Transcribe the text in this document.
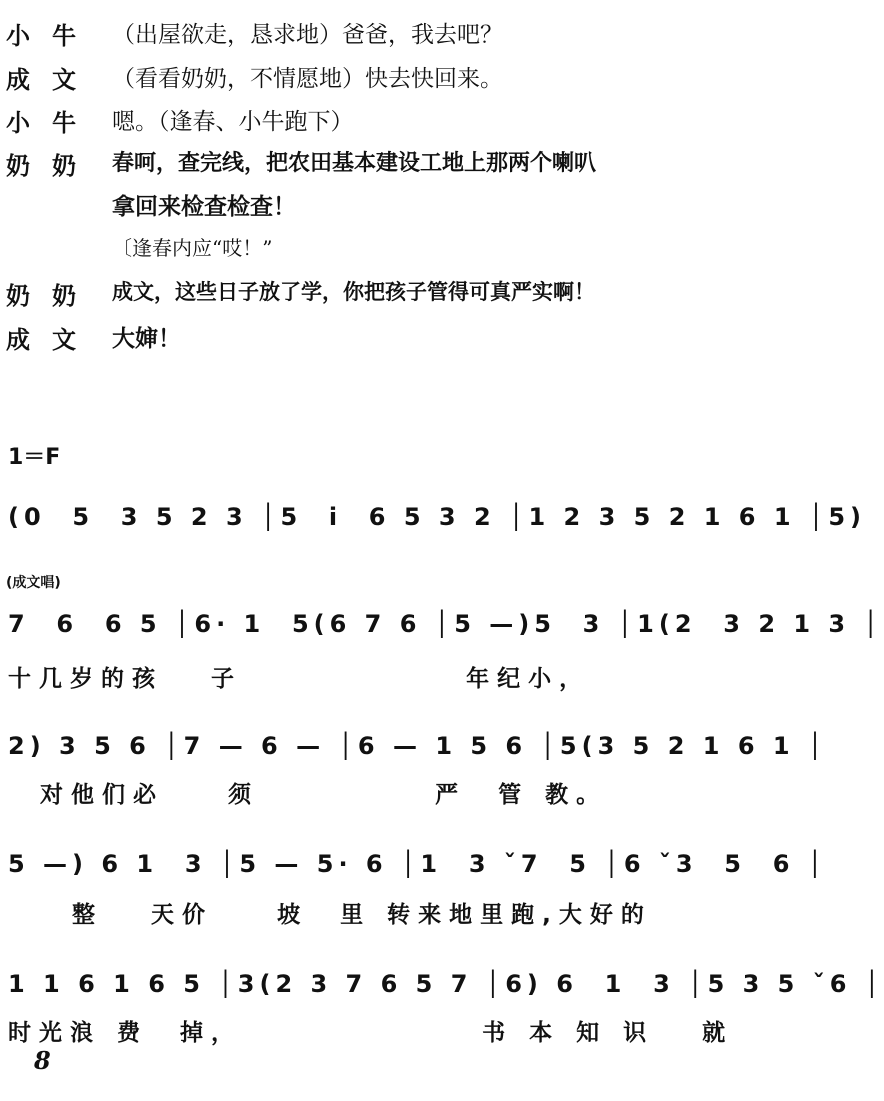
小牛 （出屋欲走，恳求地）爸爸，我去吧？
成文 （看看奶奶，不情愿地）快去快回来。
小牛 嗯。（逢春、小牛跑下）
奶奶 春呵，查完线，把农田基本建设工地上那两个喇叭
拿回来检查检查！
〔逢春内应“哎！”
奶奶 成文，这些日子放了学，你把孩子管得可真严实啊！
成文 大婶！
1＝F
(0  5  3 5 2 3 │5  i  6 5 3 2 │1 2 3 5 2 1 6 1 │5)
(成文唱)
7  6  6 5 │6· 1  5(6 7 6 │5 —)5  3 │1(2  3 2 1 3 │
十几岁的孩   子              年纪小，
2) 3 5 6 │7 — 6 — │6 — 1 5 6 │5(3 5 2 1 6 1 │
对他们必    须           严  管 教。
5 —) 6 1  3 │5 — 5· 6 │1  3 ˇ7  5 │6 ˇ3  5  6 │
整   天价    坡  里 转来地里跑,大好的
1 1 6 1 6 5 │3(2 3 7 6 5 7 │6) 6  1  3 │5 3 5 ˇ6 │
时光浪 费  掉，               书 本 知 识   就
8
